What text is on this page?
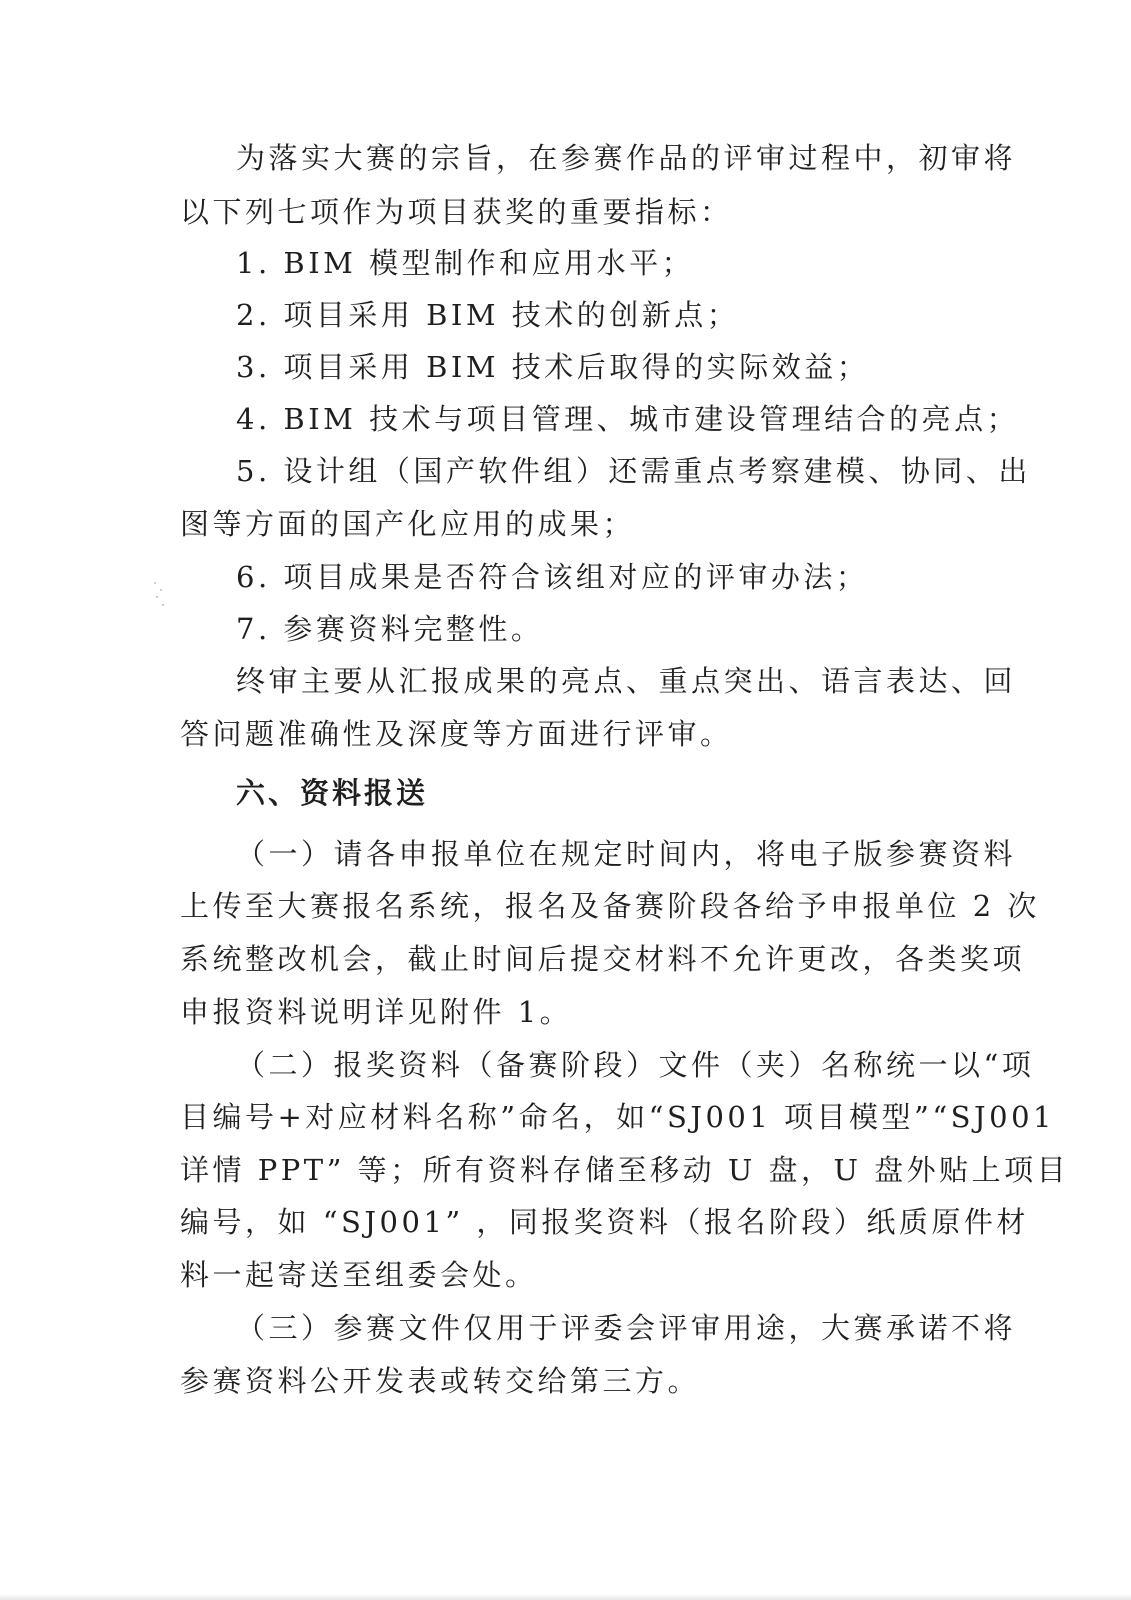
为落实大赛的宗旨，在参赛作品的评审过程中，初审将
以下列七项作为项目获奖的重要指标：
1. BIM 模型制作和应用水平；
2. 项目采用 BIM 技术的创新点；
3. 项目采用 BIM 技术后取得的实际效益；
4. BIM 技术与项目管理、城市建设管理结合的亮点；
5. 设计组（国产软件组）还需重点考察建模、协同、出
图等方面的国产化应用的成果；
6. 项目成果是否符合该组对应的评审办法；
7. 参赛资料完整性。
终审主要从汇报成果的亮点、重点突出、语言表达、回
答问题准确性及深度等方面进行评审。
六、资料报送
（一）请各申报单位在规定时间内，将电子版参赛资料
上传至大赛报名系统，报名及备赛阶段各给予申报单位 2 次
系统整改机会，截止时间后提交材料不允许更改，各类奖项
申报资料说明详见附件 1。
（二）报奖资料（备赛阶段）文件（夹）名称统一以“项
目编号+对应材料名称”命名，如“SJ001 项目模型”“SJ001
详情 PPT” 等；所有资料存储至移动 U 盘，U 盘外贴上项目
编号，如 “SJ001” ，同报奖资料（报名阶段）纸质原件材
料一起寄送至组委会处。
（三）参赛文件仅用于评委会评审用途，大赛承诺不将
参赛资料公开发表或转交给第三方。
